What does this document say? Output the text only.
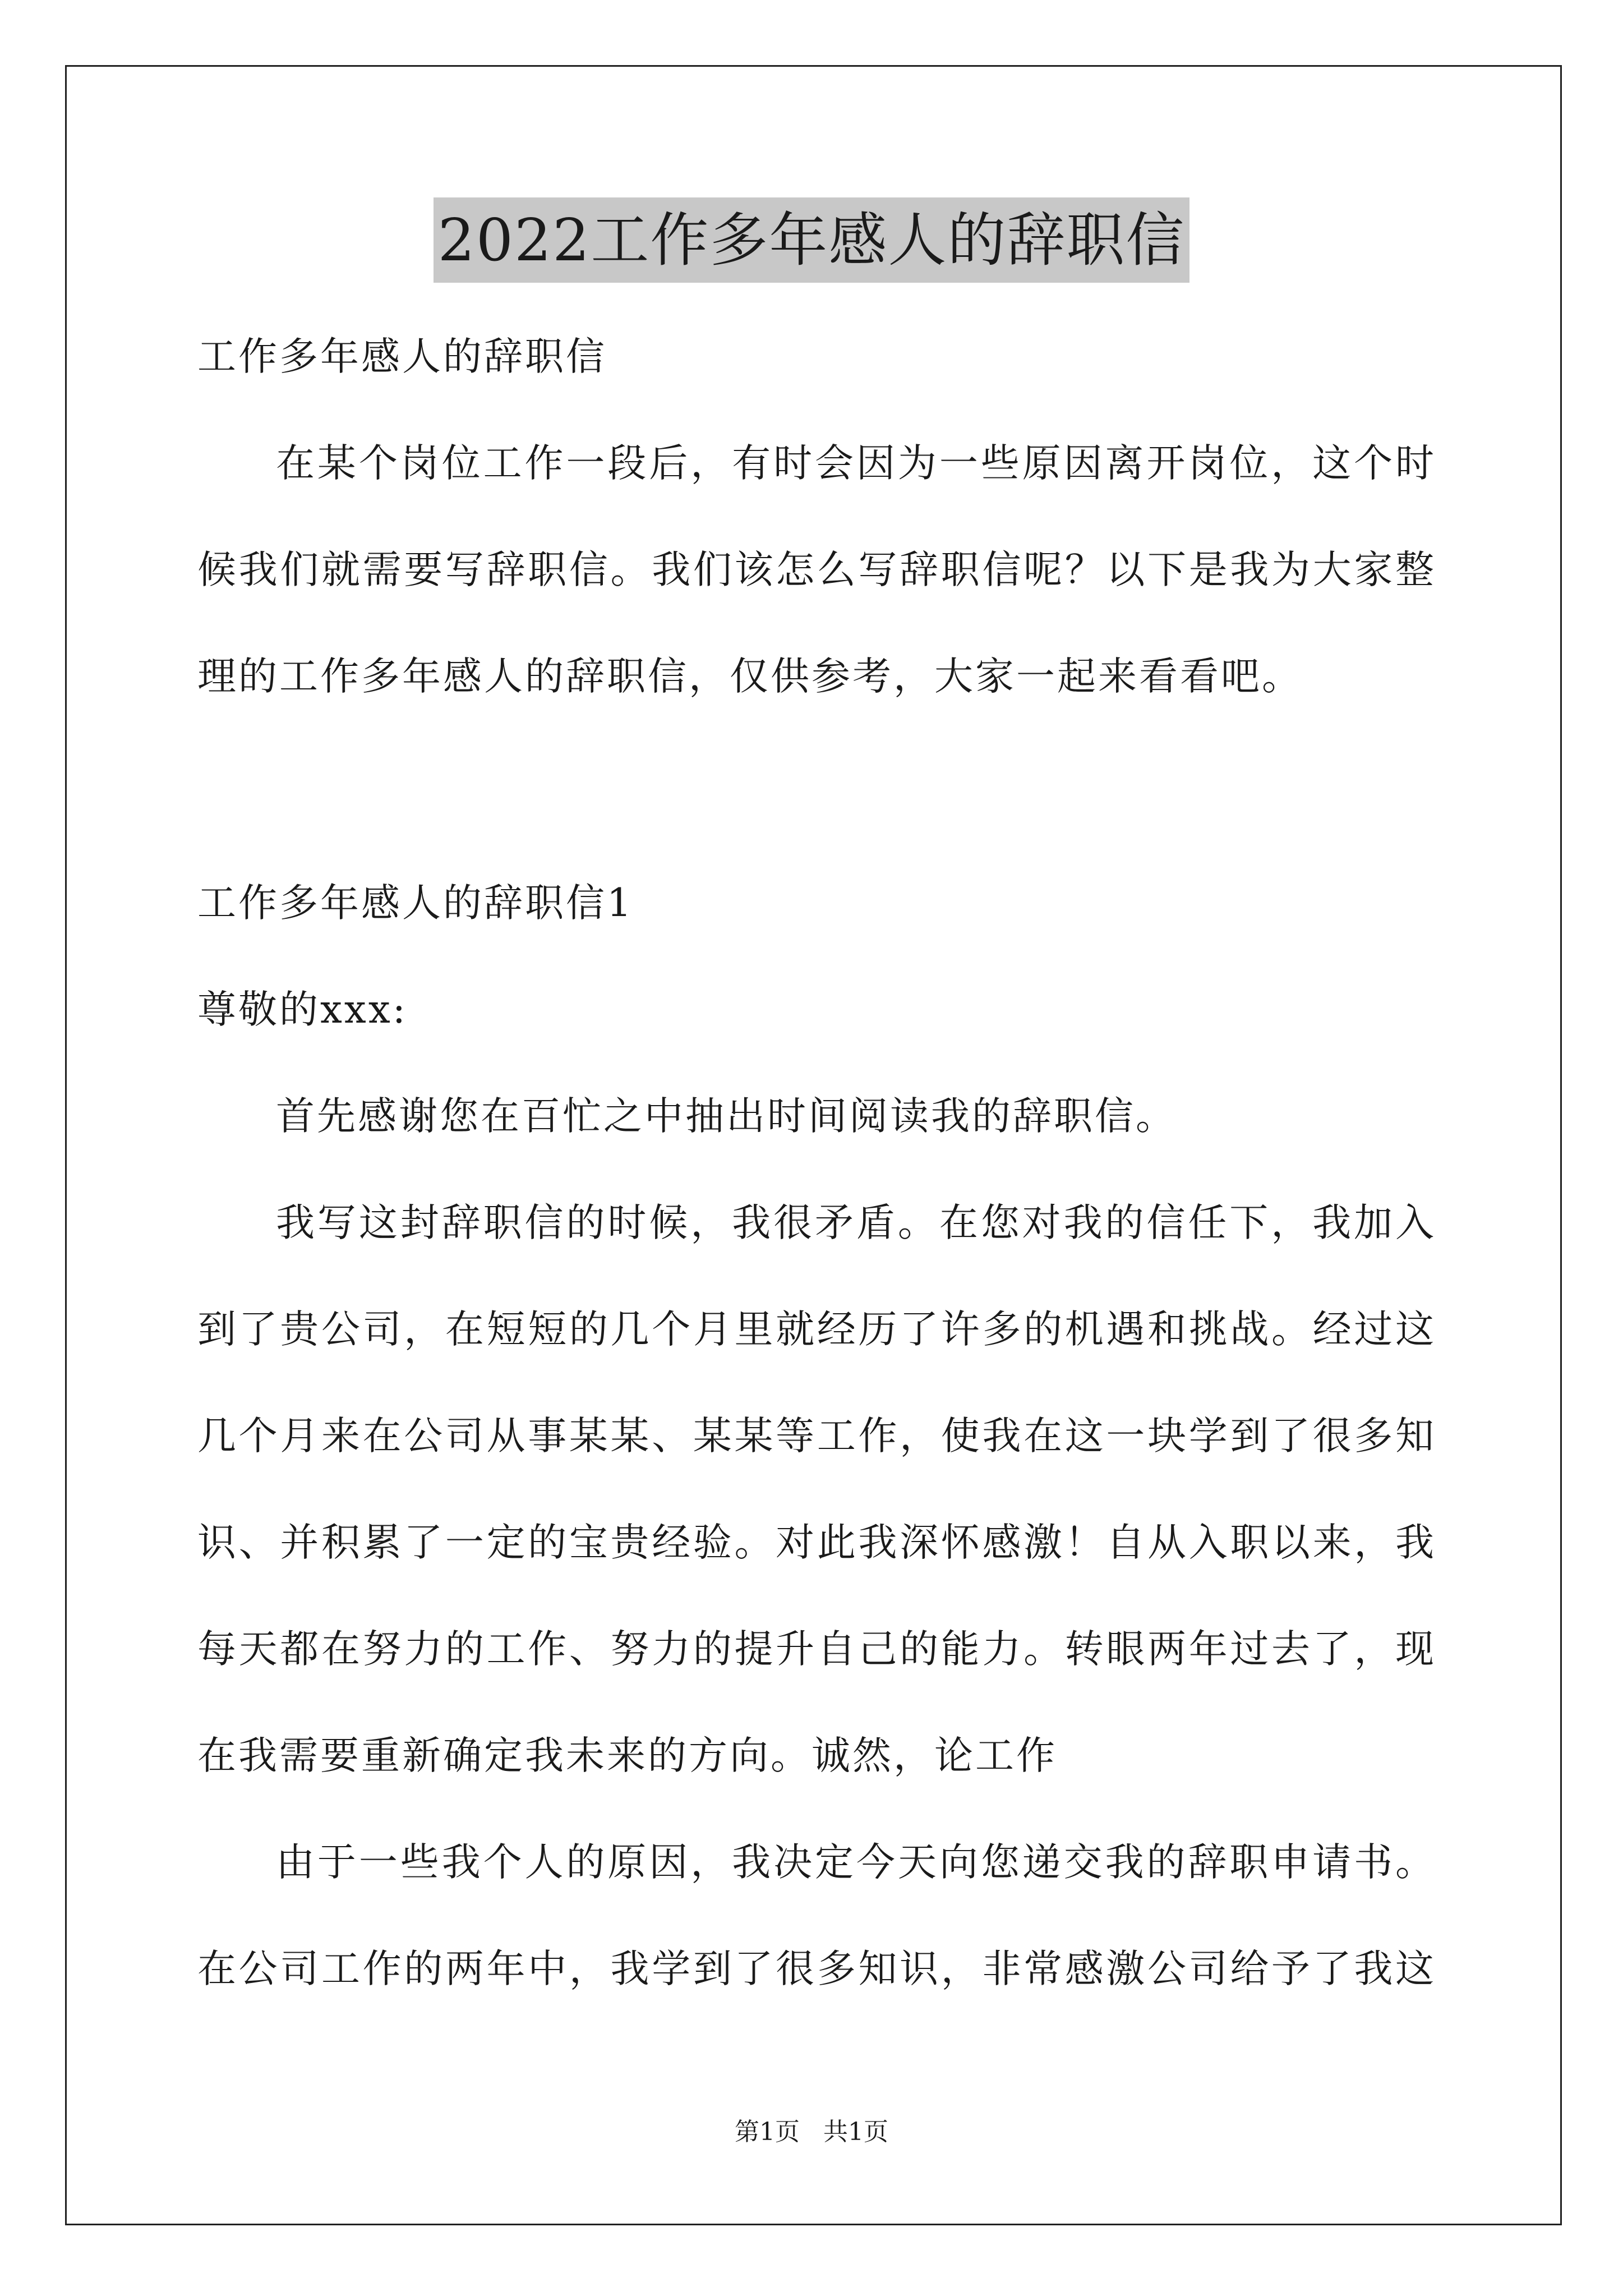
2022工作多年感人的辞职信
工作多年感人的辞职信
在某个岗位工作一段后，有时会因为一些原因离开岗位，这个时
候我们就需要写辞职信。我们该怎么写辞职信呢？以下是我为大家整
理的工作多年感人的辞职信，仅供参考，大家一起来看看吧。
工作多年感人的辞职信1
尊敬的xxx:
首先感谢您在百忙之中抽出时间阅读我的辞职信。
我写这封辞职信的时候，我很矛盾。在您对我的信任下，我加入
到了贵公司，在短短的几个月里就经历了许多的机遇和挑战。经过这
几个月来在公司从事某某、某某等工作，使我在这一块学到了很多知
识、并积累了一定的宝贵经验。对此我深怀感激！自从入职以来，我
每天都在努力的工作、努力的提升自己的能力。转眼两年过去了，现
在我需要重新确定我未来的方向。诚然，论工作
由于一些我个人的原因，我决定今天向您递交我的辞职申请书。
在公司工作的两年中，我学到了很多知识，非常感激公司给予了我这
第1页 共1页
